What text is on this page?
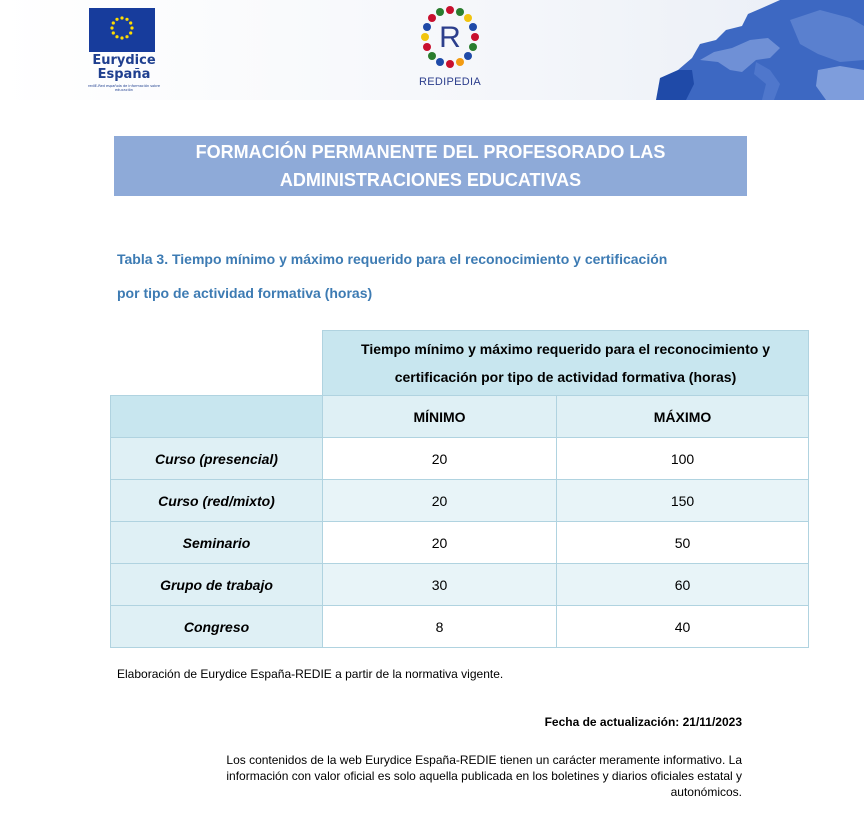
Eurydice
España
redIE-Red española de información sobre educación
R
REDIPEDIA
FORMACIÓN PERMANENTE DEL PROFESORADO LAS
ADMINISTRACIONES EDUCATIVAS
Tabla 3. Tiempo mínimo y máximo requerido para el reconocimiento y certificación
por tipo de actividad formativa (horas)

	Tiempo mínimo y máximo requerido para el reconocimiento y
certificación por tipo de actividad formativa (horas)	

	MÍNIMO	MÁXIMO
Curso (presencial)	20	100
Curso (red/mixto)	20	150
Seminario	20	50
Grupo de trabajo	30	60
Congreso	8	40
Elaboración de Eurydice España-REDIE a partir de la normativa vigente.
Fecha de actualización: 21/11/2023
Los contenidos de la web Eurydice España-REDIE tienen un carácter meramente informativo. La
información con valor oficial es solo aquella publicada en los boletines y diarios oficiales estatal y
autonómicos.
